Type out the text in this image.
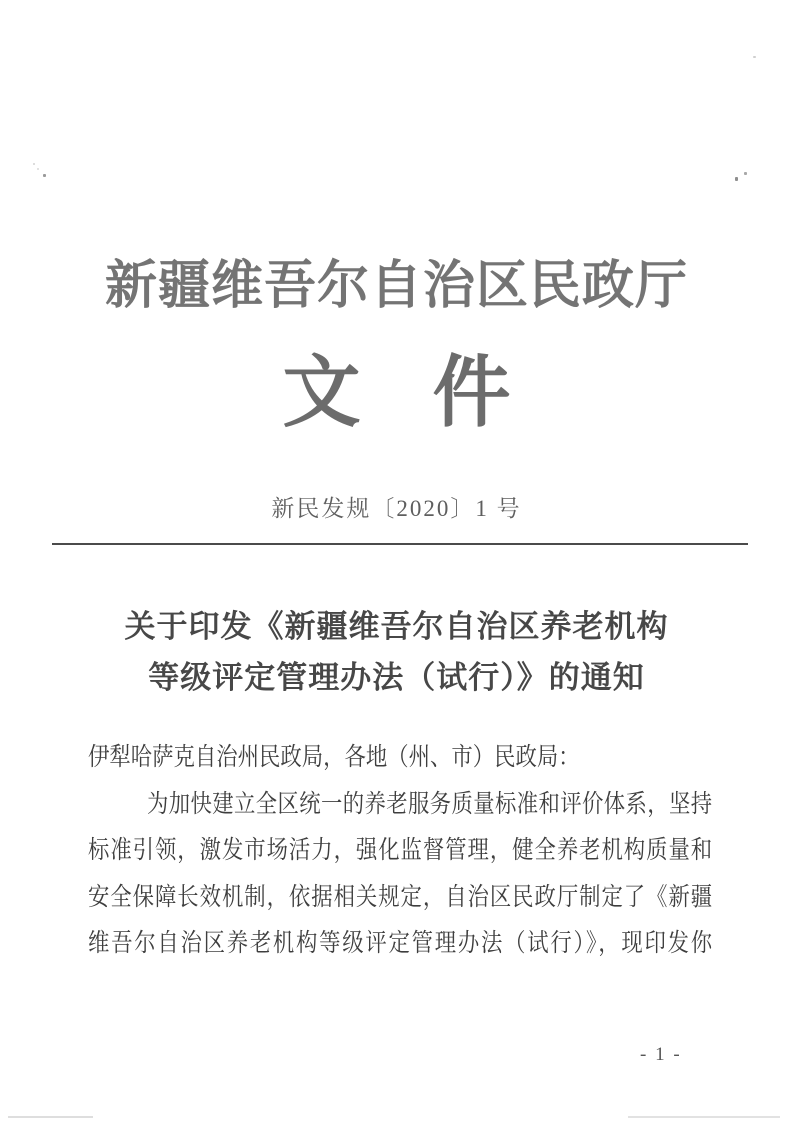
新疆维吾尔自治区民政厅
文 件
新民发规〔2020〕1 号
关于印发《新疆维吾尔自治区养老机构
等级评定管理办法（试行）》的通知
伊犁哈萨克自治州民政局，各地（州、市）民政局：
为加快建立全区统一的养老服务质量标准和评价体系，坚持
标准引领，激发市场活力，强化监督管理，健全养老机构质量和
安全保障长效机制，依据相关规定，自治区民政厅制定了《新疆
维吾尔自治区养老机构等级评定管理办法（试行）》，现印发你
- 1 -
